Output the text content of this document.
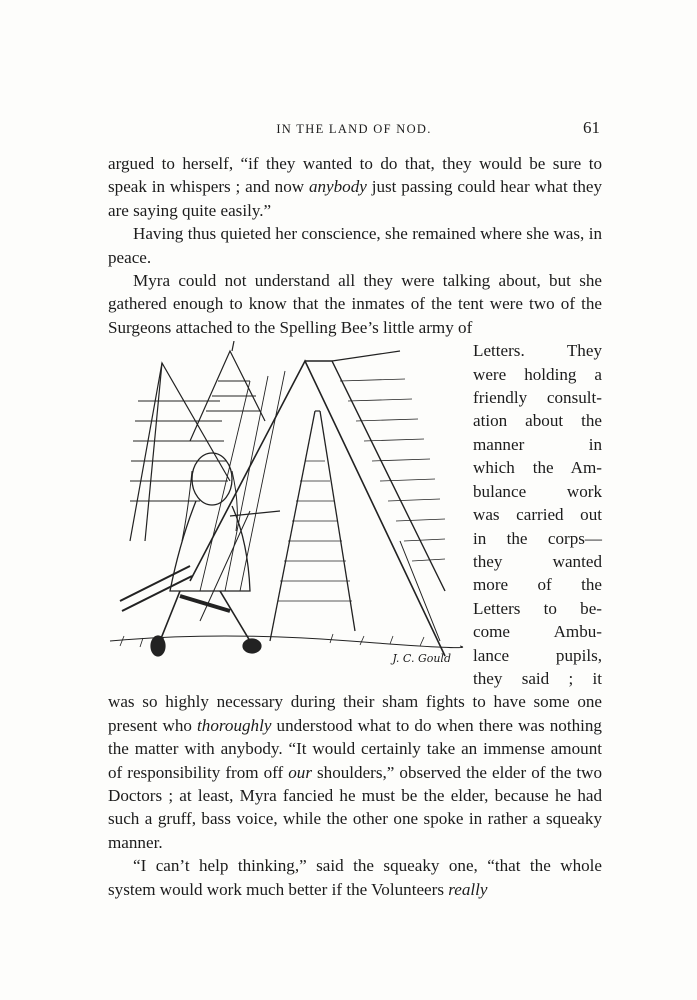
IN THE LAND OF NOD.	61

argued to herself, “if they wanted to do that, they would be sure to speak in whispers ; and now anybody just passing could hear what they are saying quite easily.”

Having thus quieted her conscience, she remained where she was, in peace.

Myra could not understand all they were talking about, but she gathered enough to know that the inmates of the tent were two of the Surgeons attached to the Spelling Bee’s little army of

J. C. Gould
Letters. They
were holding a
friendly consult-
ation about the
manner in
which the Am-
bulance work
was carried out
in the corps—
they wanted
more of the
Letters to be-
come Ambu-
lance pupils,
they said ; it

was so highly necessary during their sham fights to have some one present who thoroughly understood what to do when there was nothing the matter with anybody. “It would certainly take an immense amount of responsibility from off our shoulders,” observed the elder of the two Doctors ; at least, Myra fancied he must be the elder, because he had such a gruff, bass voice, while the other one spoke in rather a squeaky manner.

“I can’t help thinking,” said the squeaky one, “that the whole system would work much better if the Volunteers really
